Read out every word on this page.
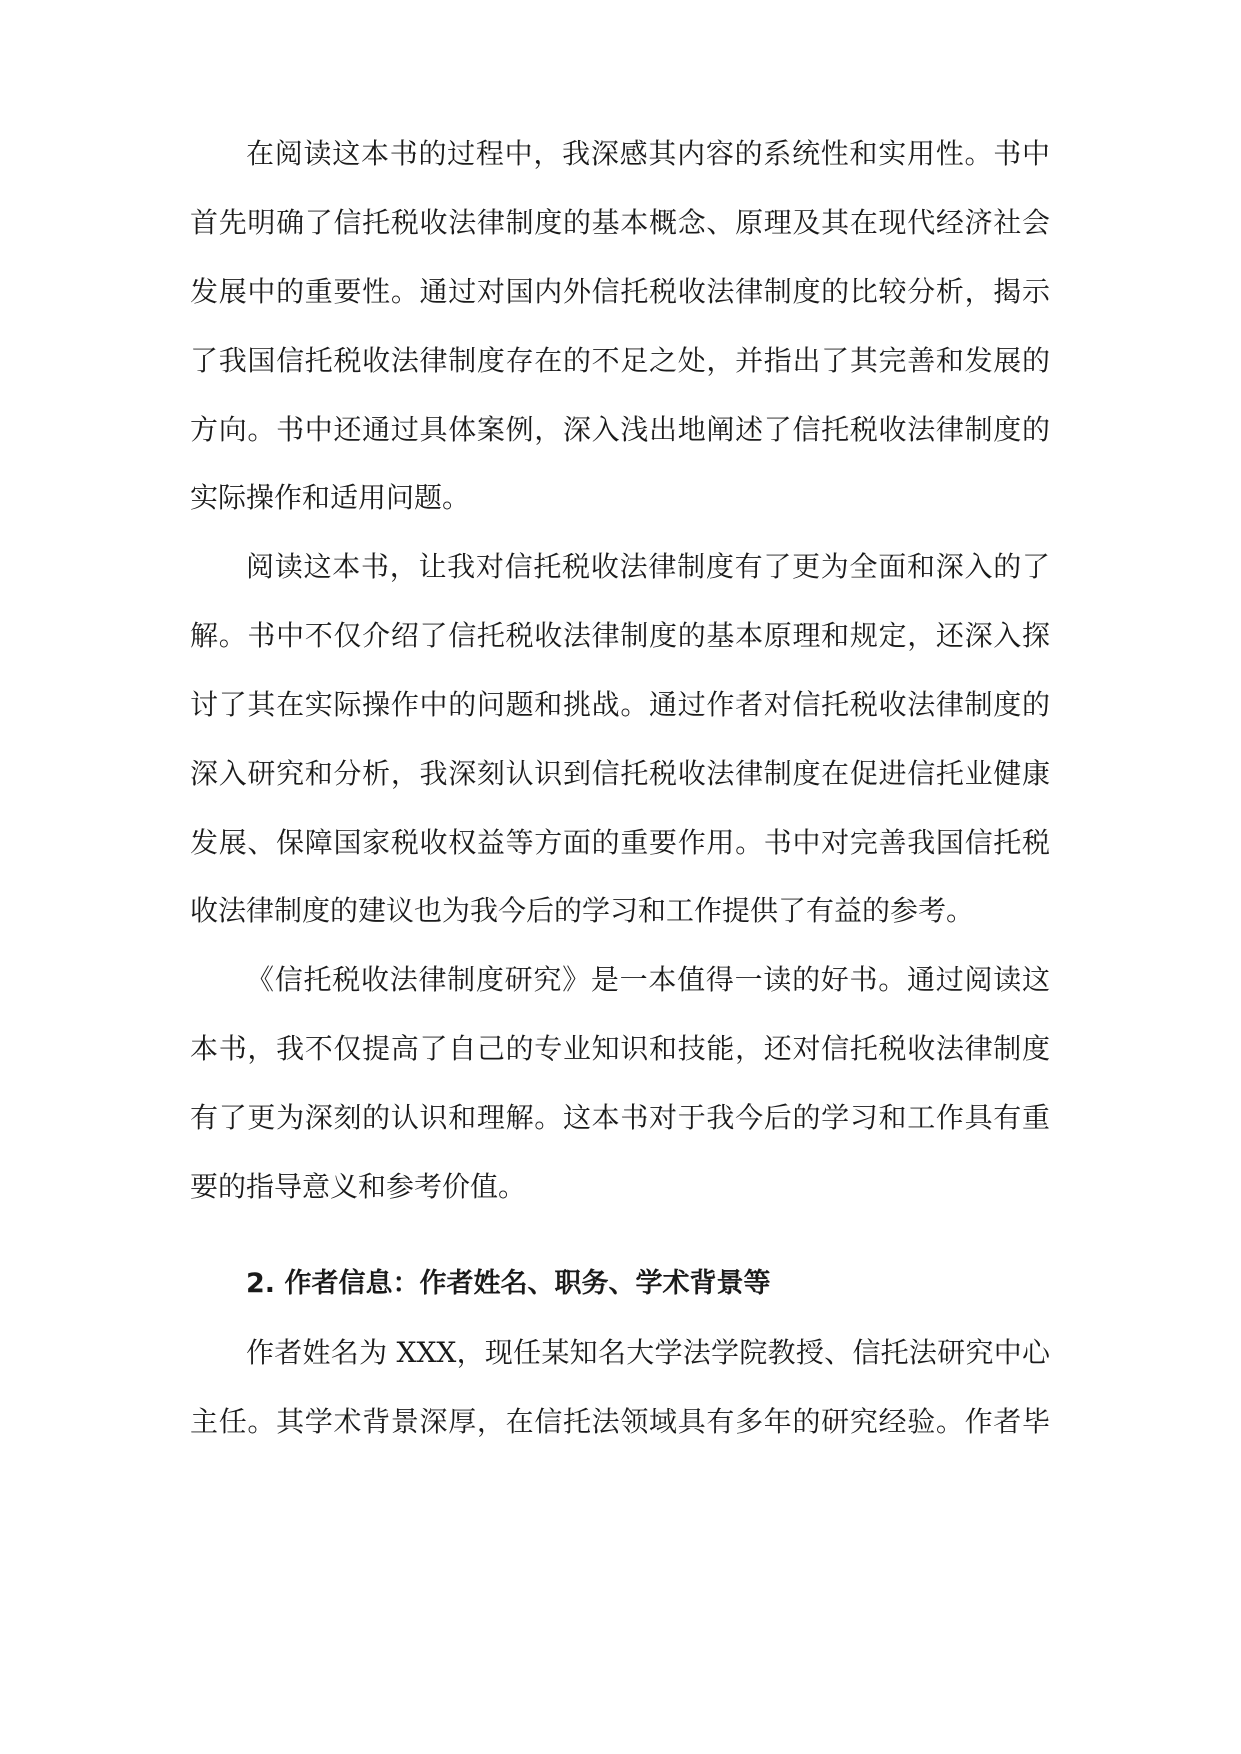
在阅读这本书的过程中，我深感其内容的系统性和实用性。书中
首先明确了信托税收法律制度的基本概念、原理及其在现代经济社会
发展中的重要性。通过对国内外信托税收法律制度的比较分析，揭示
了我国信托税收法律制度存在的不足之处，并指出了其完善和发展的
方向。书中还通过具体案例，深入浅出地阐述了信托税收法律制度的
实际操作和适用问题。
阅读这本书，让我对信托税收法律制度有了更为全面和深入的了
解。书中不仅介绍了信托税收法律制度的基本原理和规定，还深入探
讨了其在实际操作中的问题和挑战。通过作者对信托税收法律制度的
深入研究和分析，我深刻认识到信托税收法律制度在促进信托业健康
发展、保障国家税收权益等方面的重要作用。书中对完善我国信托税
收法律制度的建议也为我今后的学习和工作提供了有益的参考。
《信托税收法律制度研究》是一本值得一读的好书。通过阅读这
本书，我不仅提高了自己的专业知识和技能，还对信托税收法律制度
有了更为深刻的认识和理解。这本书对于我今后的学习和工作具有重
要的指导意义和参考价值。
2. 作者信息：作者姓名、职务、学术背景等
作者姓名为 XXX，现任某知名大学法学院教授、信托法研究中心
主任。其学术背景深厚，在信托法领域具有多年的研究经验。作者毕
